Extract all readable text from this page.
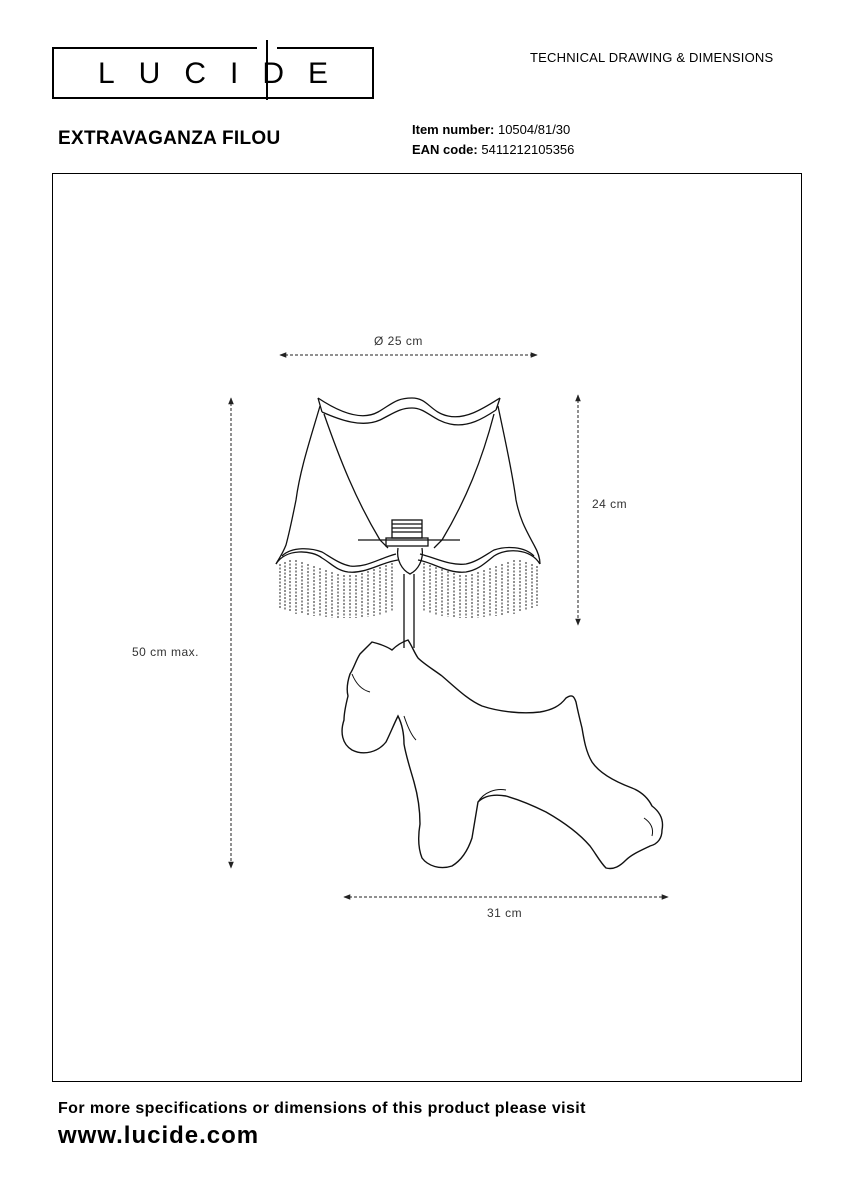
LUCIDE	TECHNICAL DRAWING & DIMENSIONS
EXTRAVAGANZA FILOU	Item number: 10504/81/30
EAN code: 5411212105356
Ø 25 cm
24 cm
50 cm max.
31 cm
For more specifications or dimensions of this product please visit
www.lucide.com
